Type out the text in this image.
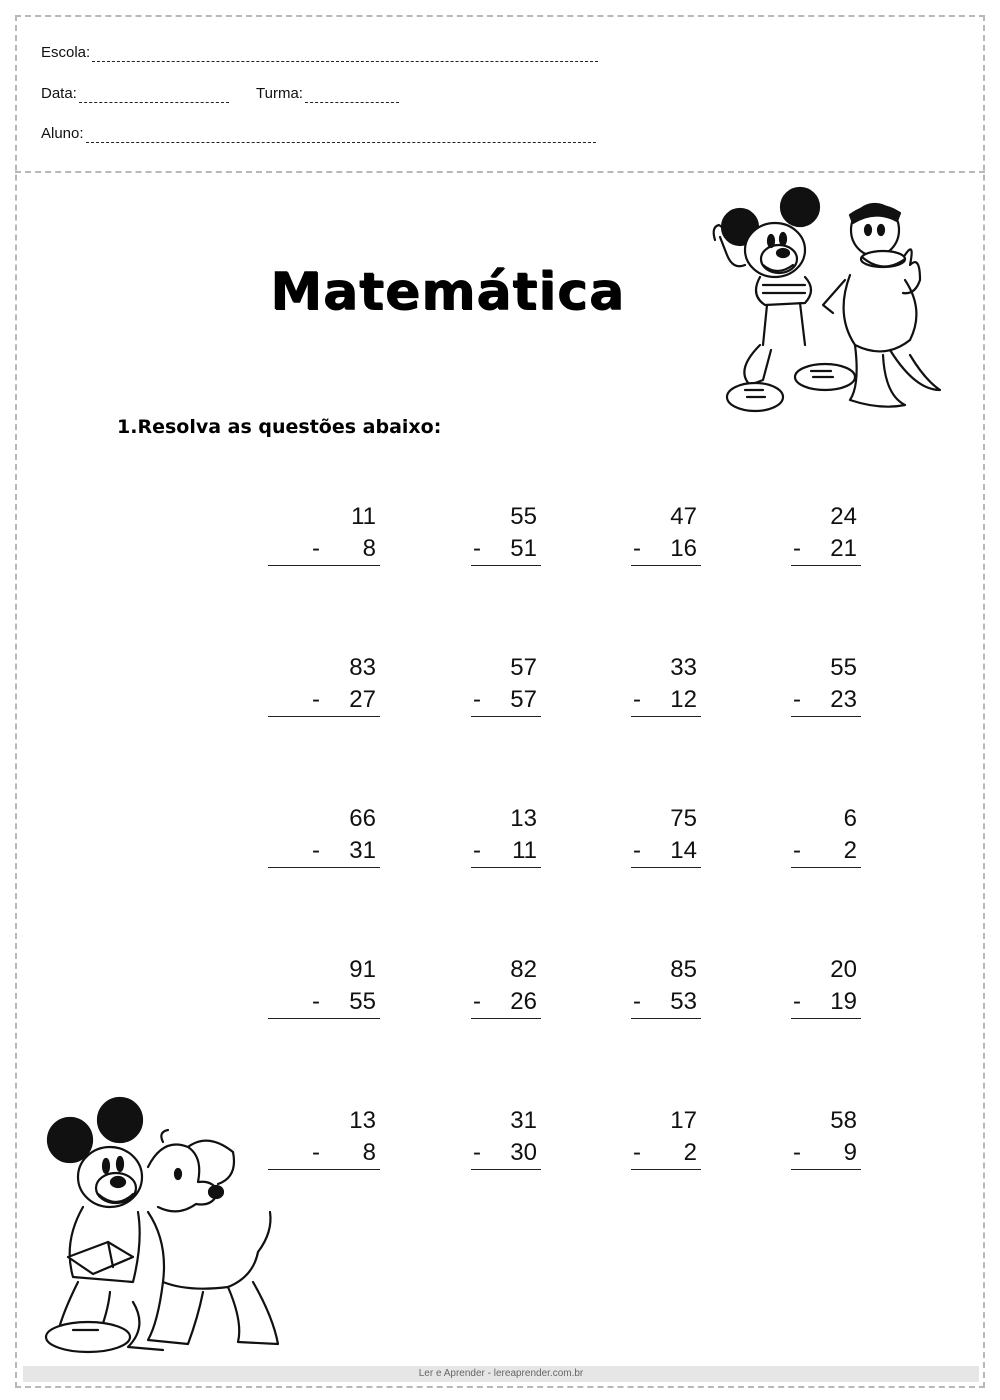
Escola:
Data:	Turma:
Aluno:
Matemática
1.Resolva as questões abaixo:
11
- 8
55
- 51
47
- 16
24
- 21
83
- 27
57
- 57
33
- 12
55
- 23
66
- 31
13
- 11
75
- 14
6
- 2
91
- 55
82
- 26
85
- 53
20
- 19
13
- 8
31
- 30
17
- 2
58
- 9
Ler e Aprender - lereaprender.com.br
